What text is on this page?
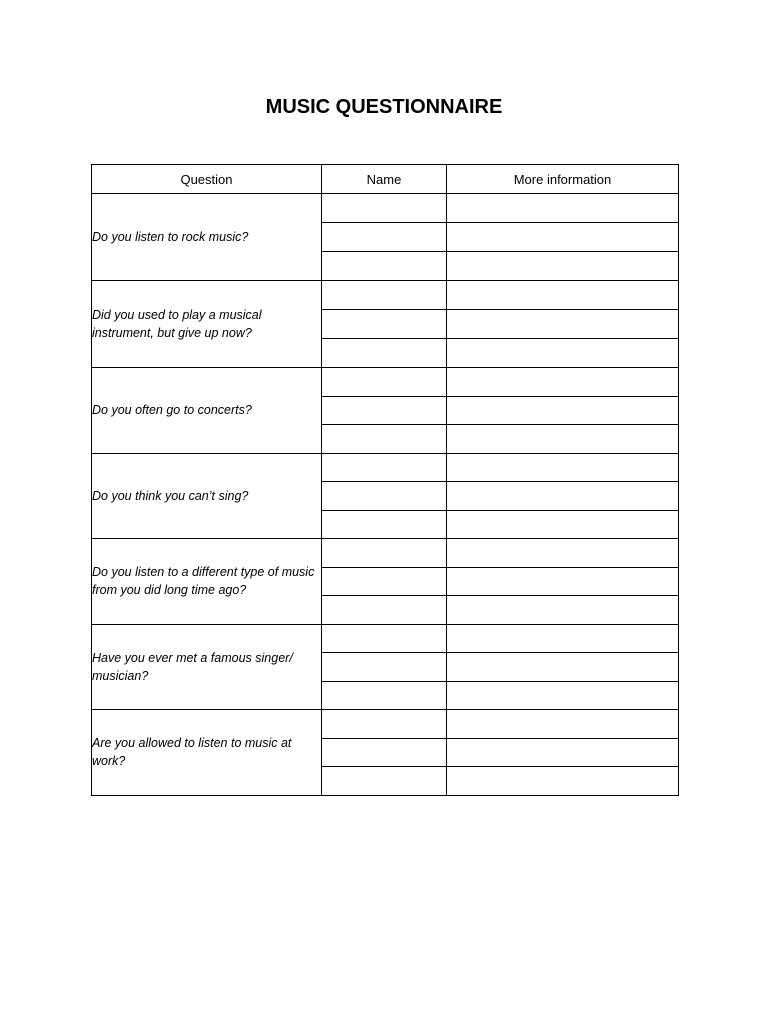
MUSIC QUESTIONNAIRE
Question	Name	More information
Do you listen to rock music?		

Did you used to play a musical instrument, but give up now?		

Do you often go to concerts?		

Do you think you can’t sing?		

Do you listen to a different type of music from you did long time ago?		

Have you ever met a famous singer/ musician?		

Are you allowed to listen to music at work?		
